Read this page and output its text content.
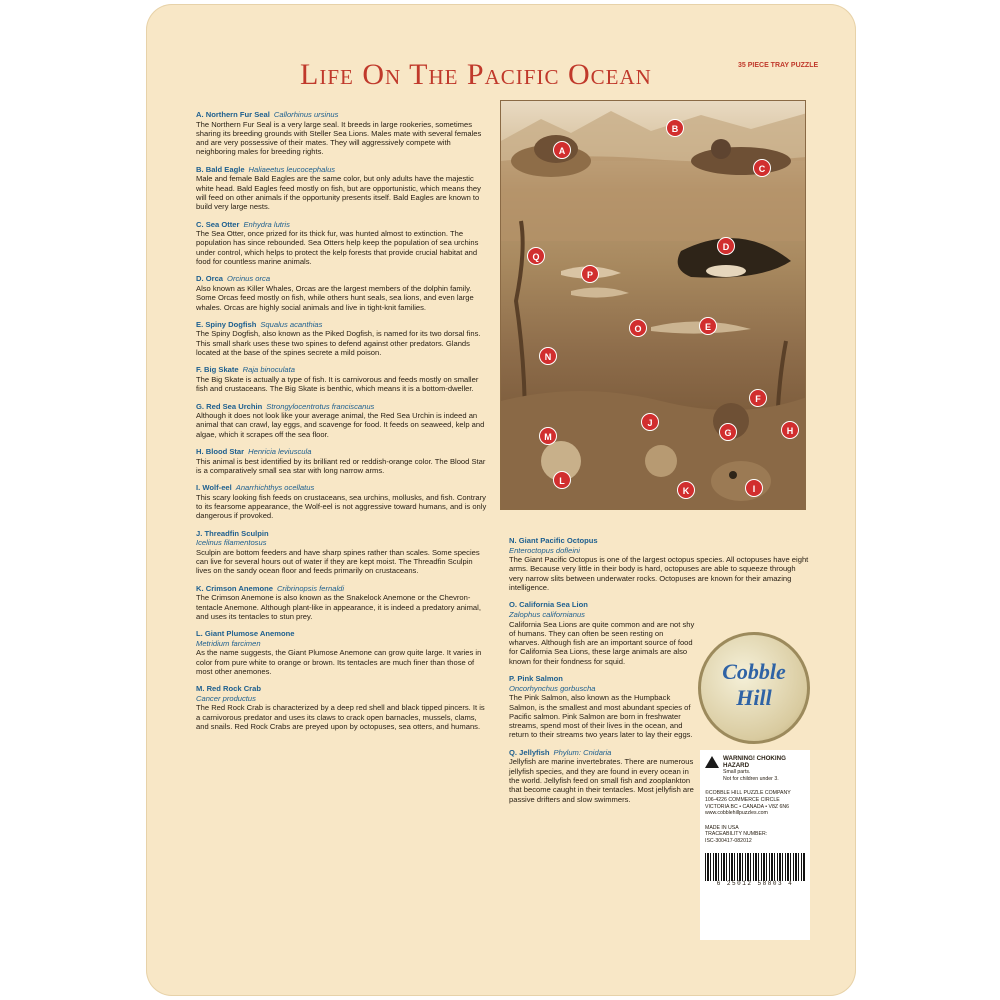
Life On The Pacific Ocean	35 PIECE TRAY PUZZLE
A. Northern Fur Seal Callorhinus ursinus
The Northern Fur Seal is a very large seal. It breeds in large rookeries, sometimes sharing its breeding grounds with Steller Sea Lions. Males mate with several females and are very possessive of their mates. They will aggressively compete with neighboring males for breeding rights.
B. Bald Eagle Haliaeetus leucocephalus
Male and female Bald Eagles are the same color, but only adults have the majestic white head. Bald Eagles feed mostly on fish, but are opportunistic, which means they will feed on other animals if the opportunity presents itself. Bald Eagles are known to build very large nests.
C. Sea Otter Enhydra lutris
The Sea Otter, once prized for its thick fur, was hunted almost to extinction. The population has since rebounded. Sea Otters help keep the population of sea urchins under control, which helps to protect the kelp forests that provide crucial habitat and food for countless marine animals.
D. Orca Orcinus orca
Also known as Killer Whales, Orcas are the largest members of the dolphin family. Some Orcas feed mostly on fish, while others hunt seals, sea lions, and even large whales. Orcas are highly social animals and live in tight-knit families.
E. Spiny Dogfish Squalus acanthias
The Spiny Dogfish, also known as the Piked Dogfish, is named for its two dorsal fins. This small shark uses these two spines to defend against other predators. Glands located at the base of the spines secrete a mild poison.
F. Big Skate Raja binoculata
The Big Skate is actually a type of fish. It is carnivorous and feeds mostly on smaller fish and crustaceans. The Big Skate is benthic, which means it is a bottom-dweller.
G. Red Sea Urchin Strongylocentrotus franciscanus
Although it does not look like your average animal, the Red Sea Urchin is indeed an animal that can crawl, lay eggs, and scavenge for food. It feeds on seaweed, kelp and algae, which it scrapes off the sea floor.
H. Blood Star Henricia leviuscula
This animal is best identified by its brilliant red or reddish-orange color. The Blood Star is a comparatively small sea star with long narrow arms.
I. Wolf-eel Anarrhichthys ocellatus
This scary looking fish feeds on crustaceans, sea urchins, mollusks, and fish. Contrary to its fearsome appearance, the Wolf-eel is not aggressive toward humans, and is only dangerous if provoked.
J. Threadfin Sculpin
Icelinus filamentosus
Sculpin are bottom feeders and have sharp spines rather than scales. Some species can live for several hours out of water if they are kept moist. The Threadfin Sculpin lives on the sandy ocean floor and feeds primarily on crustaceans.
K. Crimson Anemone Cribrinopsis fernaldi
The Crimson Anemone is also known as the Snakelock Anemone or the Chevron-tentacle Anemone. Although plant-like in appearance, it is indeed a predatory animal, and uses its tentacles to stun prey.
L. Giant Plumose Anemone
Metridium farcimen
As the name suggests, the Giant Plumose Anemone can grow quite large. It varies in color from pure white to orange or brown. Its tentacles are much finer than those of most other anemones.
M. Red Rock Crab
Cancer productus
The Red Rock Crab is characterized by a deep red shell and black tipped pincers. It is a carnivorous predator and uses its claws to crack open barnacles, mussels, clams, and snails. Red Rock Crabs are preyed upon by octopuses, sea otters, and humans.
A
B
C
D
E
F
G	H
I
J
K
L
M
N
O
P
Q
N. Giant Pacific Octopus
Enteroctopus dofleini
The Giant Pacific Octopus is one of the largest octopus species. All octopuses have eight arms. Because very little in their body is hard, octopuses are able to squeeze through very narrow slits between underwater rocks. Octopuses are known for their amazing intelligence.
O. California Sea Lion
Zalophus californianus
California Sea Lions are quite common and are not shy of humans. They can often be seen resting on wharves. Although fish are an important source of food for California Sea Lions, these large animals are also known for their fondness for squid.
P. Pink Salmon
Oncorhynchus gorbuscha
The Pink Salmon, also known as the Humpback Salmon, is the smallest and most abundant species of Pacific salmon. Pink Salmon are born in freshwater streams, spend most of their lives in the ocean, and return to their streams two years later to lay their eggs.
Q. Jellyfish Phylum: Cnidaria
Jellyfish are marine invertebrates. There are numerous jellyfish species, and they are found in every ocean in the world. Jellyfish feed on small fish and zooplankton that become caught in their tentacles. Most jellyfish are passive drifters and slow swimmers.
Cobble
Hill
WARNING! CHOKING HAZARD
Small parts.
Not for children under 3.
©COBBLE HILL PUZZLE COMPANY
106-4226 COMMERCE CIRCLE
VICTORIA BC • CANADA • V8Z 6N6
www.cobblehillpuzzles.com
MADE IN USA
TRACEABILITY NUMBER:
ISC-300417-082012
6 25012 58803 4
